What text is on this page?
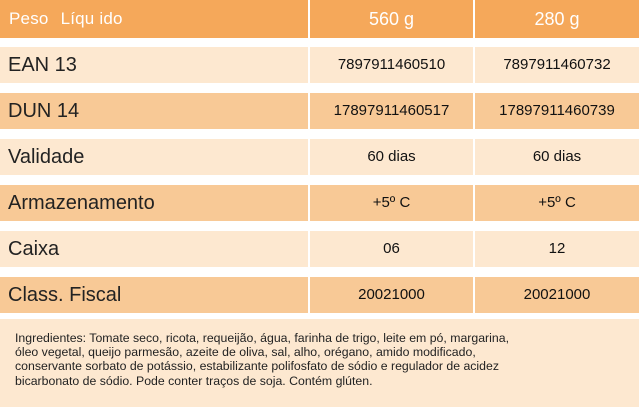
Peso Líqu ido	560 g	280 g
EAN 13	7897911460510	7897911460732
DUN 14	17897911460517	17897911460739
Validade	60 dias	60 dias
Armazenamento	+5º C	+5º C
Caixa	06	12
Class. Fiscal	20021000	20021000

Ingredientes: Tomate seco, ricota, requeijão, água, farinha de trigo, leite em pó, margarina,
óleo vegetal, queijo parmesão, azeite de oliva, sal, alho, orégano, amido modificado,
conservante sorbato de potássio, estabilizante polifosfato de sódio e regulador de acidez
bicarbonato de sódio. Pode conter traços de soja. Contém glúten.
